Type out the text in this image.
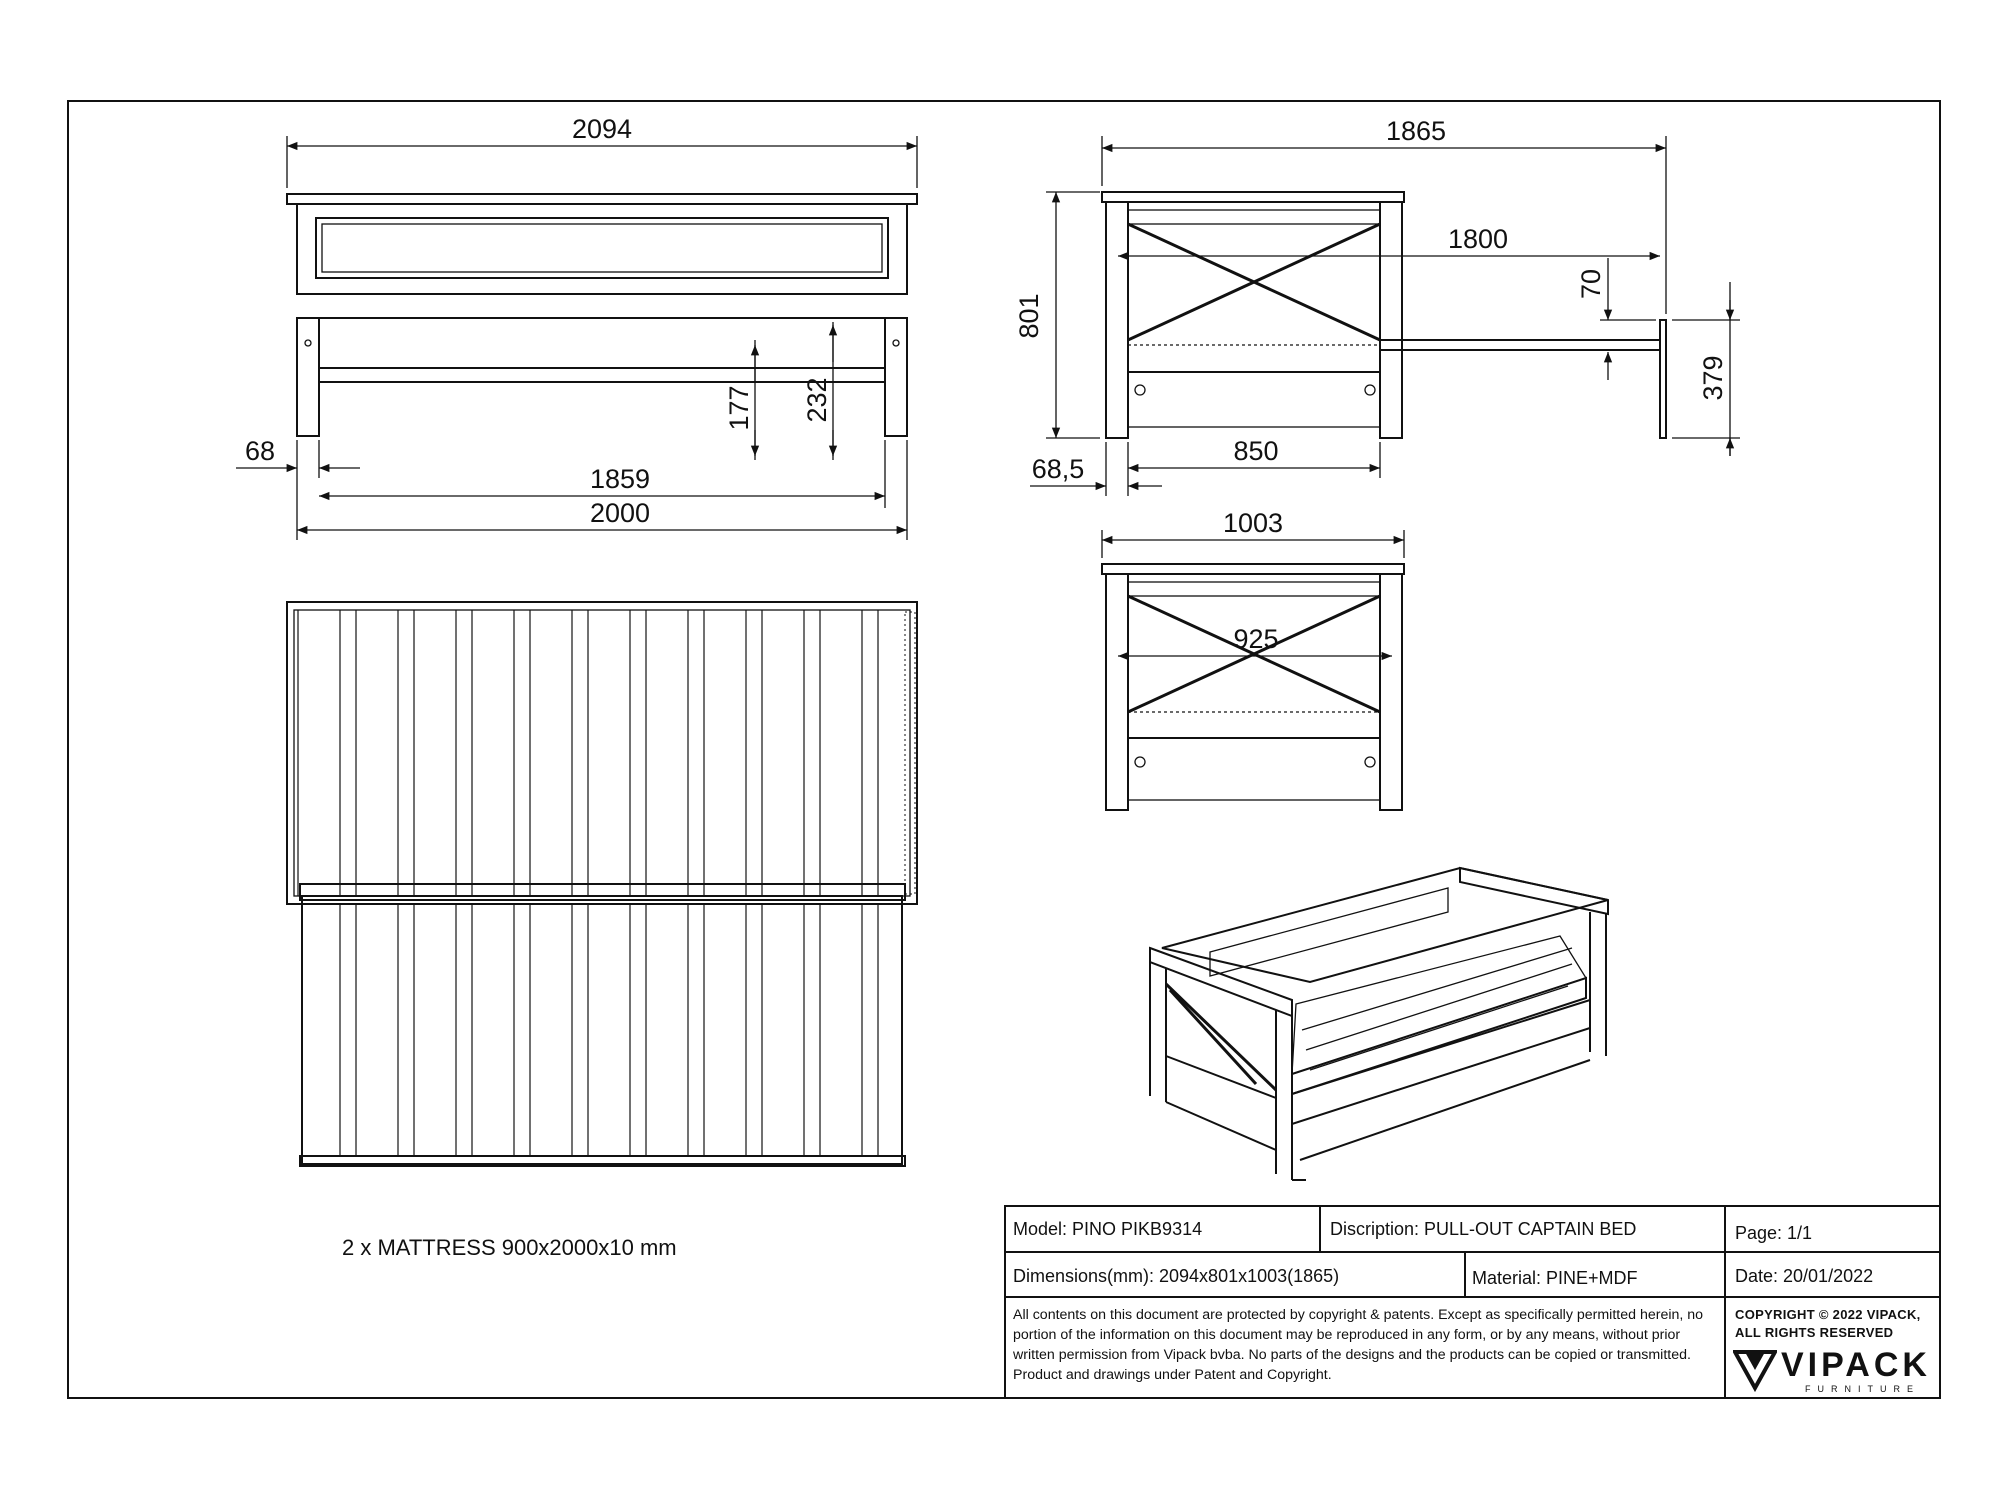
2094
68
1859
2000
177 232
1865
1800
70
801
379
68,5
850
1003
925
2 x MATTRESS 900x2000x10 mm
Model: PINO PIKB9314	Discription: PULL-OUT CAPTAIN BED	Page: 1/1
Dimensions(mm): 2094x801x1003(1865)	Material: PINE+MDF	Date: 20/01/2022
All contents on this document are protected by copyright & patents. Except as specifically permitted herein, no portion of the information on this document may be reproduced in any form, or by any means, without prior written permission from Vipack bvba. No parts of the designs and the products can be copied or transmitted. Product and drawings under Patent and Copyright.
COPYRIGHT © 2022 VIPACK,
ALL RIGHTS RESERVED
VIPACK
FURNITURE
